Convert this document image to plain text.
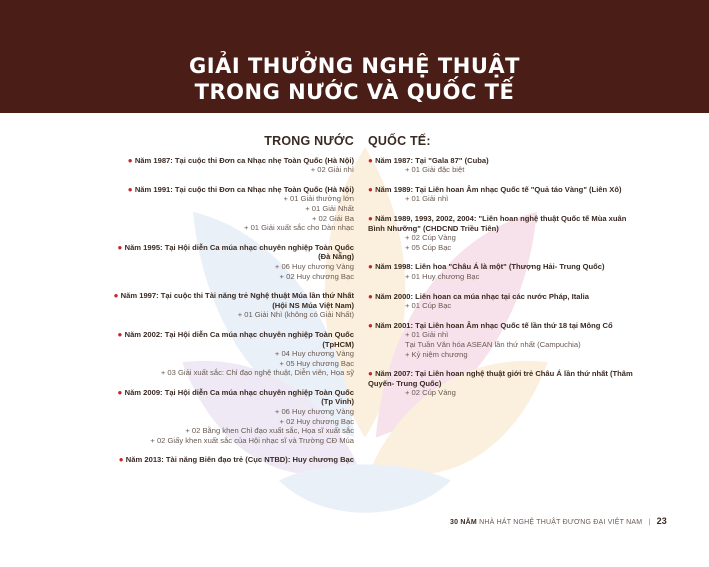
GIẢI THƯỞNG NGHỆ THUẬT
TRONG NƯỚC VÀ QUỐC TẾ
TRONG NƯỚC
● Năm 1987: Tại cuộc thi Đơn ca Nhạc nhẹ Toàn Quốc (Hà Nội)
+ 02 Giải nhì
● Năm 1991: Tại cuộc thi Đơn ca Nhạc nhẹ Toàn Quốc (Hà Nội)
+ 01 Giải thưởng lớn
+ 01 Giải Nhất
+ 02 Giải Ba
+ 01 Giải xuất sắc cho Dàn nhạc
● Năm 1995: Tại Hội diễn Ca múa nhạc chuyên nghiệp Toàn Quốc (Đà Nẵng)
+ 06 Huy chương Vàng
+ 02 Huy chương Bạc
● Năm 1997: Tại cuộc thi Tài năng trẻ Nghệ thuật Múa lần thứ Nhất (Hội NS Múa Việt Nam)
+ 01 Giải Nhì (không có Giải Nhất)
● Năm 2002: Tại Hội diễn Ca múa nhạc chuyên nghiệp Toàn Quốc (TpHCM)
+ 04 Huy chương Vàng
+ 05 Huy chương Bạc
+ 03 Giải xuất sắc: Chỉ đạo nghệ thuật, Diễn viên, Họa sỹ
● Năm 2009: Tại Hội diễn Ca múa nhạc chuyên nghiệp Toàn Quốc (Tp Vinh)
+ 06 Huy chương Vàng
+ 02 Huy chương Bạc
+ 02 Bằng khen Chỉ đạo xuất sắc, Họa sĩ xuất sắc
+ 02 Giấy khen xuất sắc của Hội nhạc sĩ và Trường CĐ Múa
● Năm 2013: Tài năng Biên đạo trẻ (Cục NTBD): Huy chương Bạc
QUỐC TẾ:
● Năm 1987: Tại "Gala 87" (Cuba)
+ 01 Giải đặc biệt
● Năm 1989: Tại Liên hoan Âm nhạc Quốc tế "Quả táo Vàng" (Liên Xô)
+ 01 Giải nhì
● Năm 1989, 1993, 2002, 2004: "Liên hoan nghệ thuật Quốc tế Mùa xuân Bình Nhưỡng" (CHDCND Triều Tiên)
+ 02 Cúp Vàng
+ 05 Cúp Bạc
● Năm 1998: Liên hoa "Châu Á là một" (Thượng Hải- Trung Quốc)
+ 01 Huy chương Bạc
● Năm 2000: Liên hoan ca múa nhạc tại các nước Pháp, Italia
+ 01 Cúp Bạc
● Năm 2001: Tại Liên hoan Âm nhạc Quốc tế lần thứ 18 tại Mông Cổ
+ 01 Giải nhì
Tại Tuần Văn hóa ASEAN lần thứ nhất (Campuchia)
+ Kỷ niệm chương
● Năm 2007: Tại Liên hoan nghệ thuật giới trẻ Châu Á lần thứ nhất (Thâm Quyến- Trung Quốc)
+ 02 Cúp Vàng
30 NĂM NHÀ HÁT NGHỆ THUẬT ĐƯƠNG ĐẠI VIỆT NAM | 23
